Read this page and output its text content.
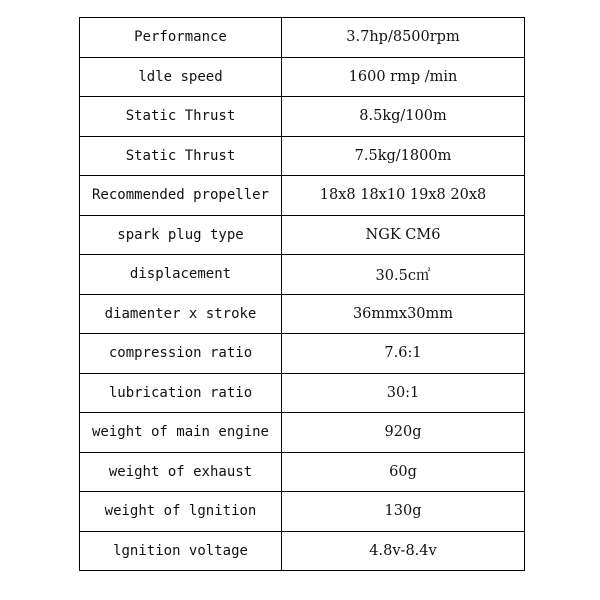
Performance	3.7hp/8500rpm
ldle speed	1600 rmp /min
Static Thrust	8.5kg/100m
Static Thrust	7.5kg/1800m
Recommended propeller	18x8 18x10 19x8 20x8
spark plug type	NGK CM6
displacement	30.5c㎡
diamenter x stroke	36mmx30mm
compression ratio	7.6:1
lubrication ratio	30:1
weight of main engine	920g
weight of exhaust	60g
weight of lgnition	130g
lgnition voltage	4.8v-8.4v
